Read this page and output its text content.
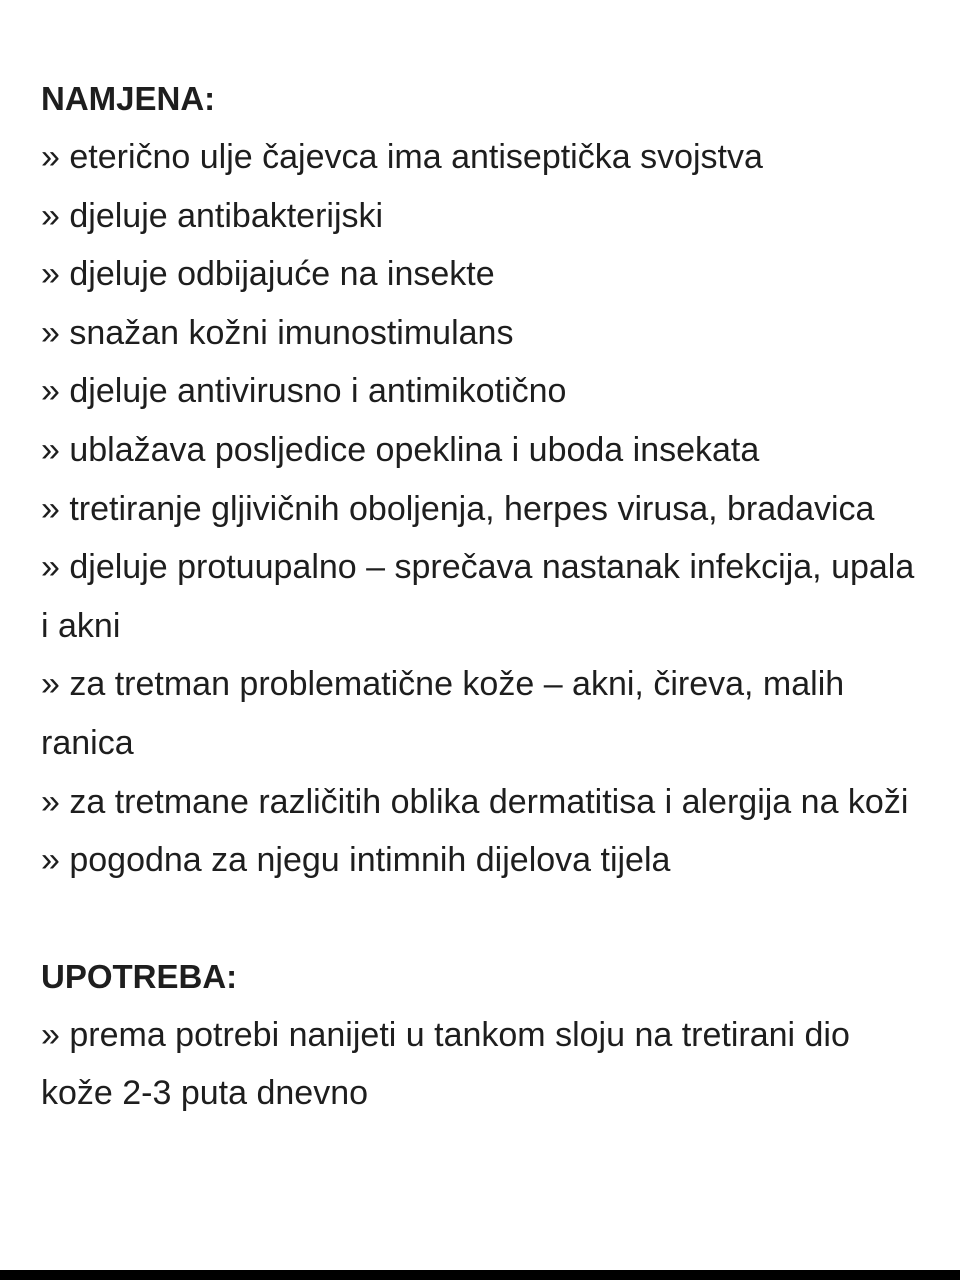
NAMJENA:
» eterično ulje čajevca ima antiseptička svojstva
» djeluje antibakterijski
» djeluje odbijajuće na insekte
» snažan kožni imunostimulans
» djeluje antivirusno i antimikotično
» ublažava posljedice opeklina i uboda insekata
» tretiranje gljivičnih oboljenja, herpes virusa, bradavica
» djeluje protuupalno – sprečava nastanak infekcija, upala i akni
» za tretman problematične kože – akni, čireva, malih ranica
» za tretmane različitih oblika dermatitisa i alergija na koži
» pogodna za njegu intimnih dijelova tijela
UPOTREBA:
» prema potrebi nanijeti u tankom sloju na tretirani dio kože 2-3 puta dnevno
